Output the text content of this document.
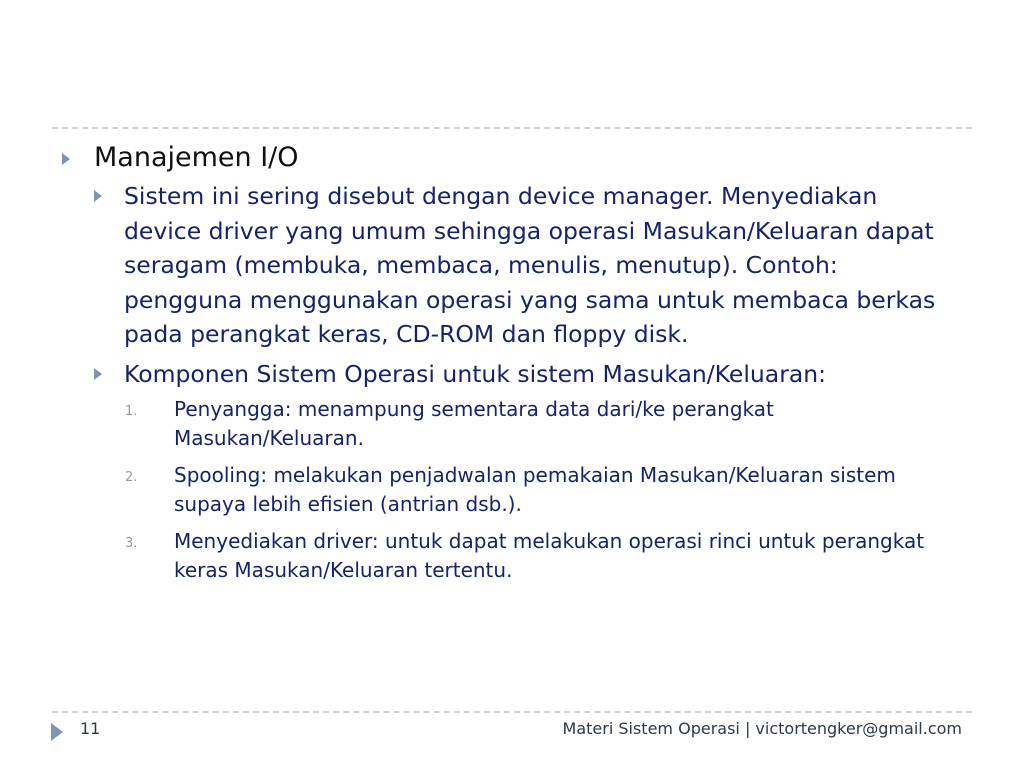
Manajemen I/O
Sistem ini sering disebut dengan device manager. Menyediakan device driver yang umum sehingga operasi Masukan/Keluaran dapat seragam (membuka, membaca, menulis, menutup). Contoh: pengguna menggunakan operasi yang sama untuk membaca berkas pada perangkat keras, CD-ROM dan floppy disk.
Komponen Sistem Operasi untuk sistem Masukan/Keluaran:
1. Penyangga: menampung sementara data dari/ke perangkat Masukan/Keluaran.
2. Spooling: melakukan penjadwalan pemakaian Masukan/Keluaran sistem supaya lebih efisien (antrian dsb.).
3. Menyediakan driver: untuk dapat melakukan operasi rinci untuk perangkat keras Masukan/Keluaran tertentu.
11	Materi Sistem Operasi | victortengker@gmail.com
